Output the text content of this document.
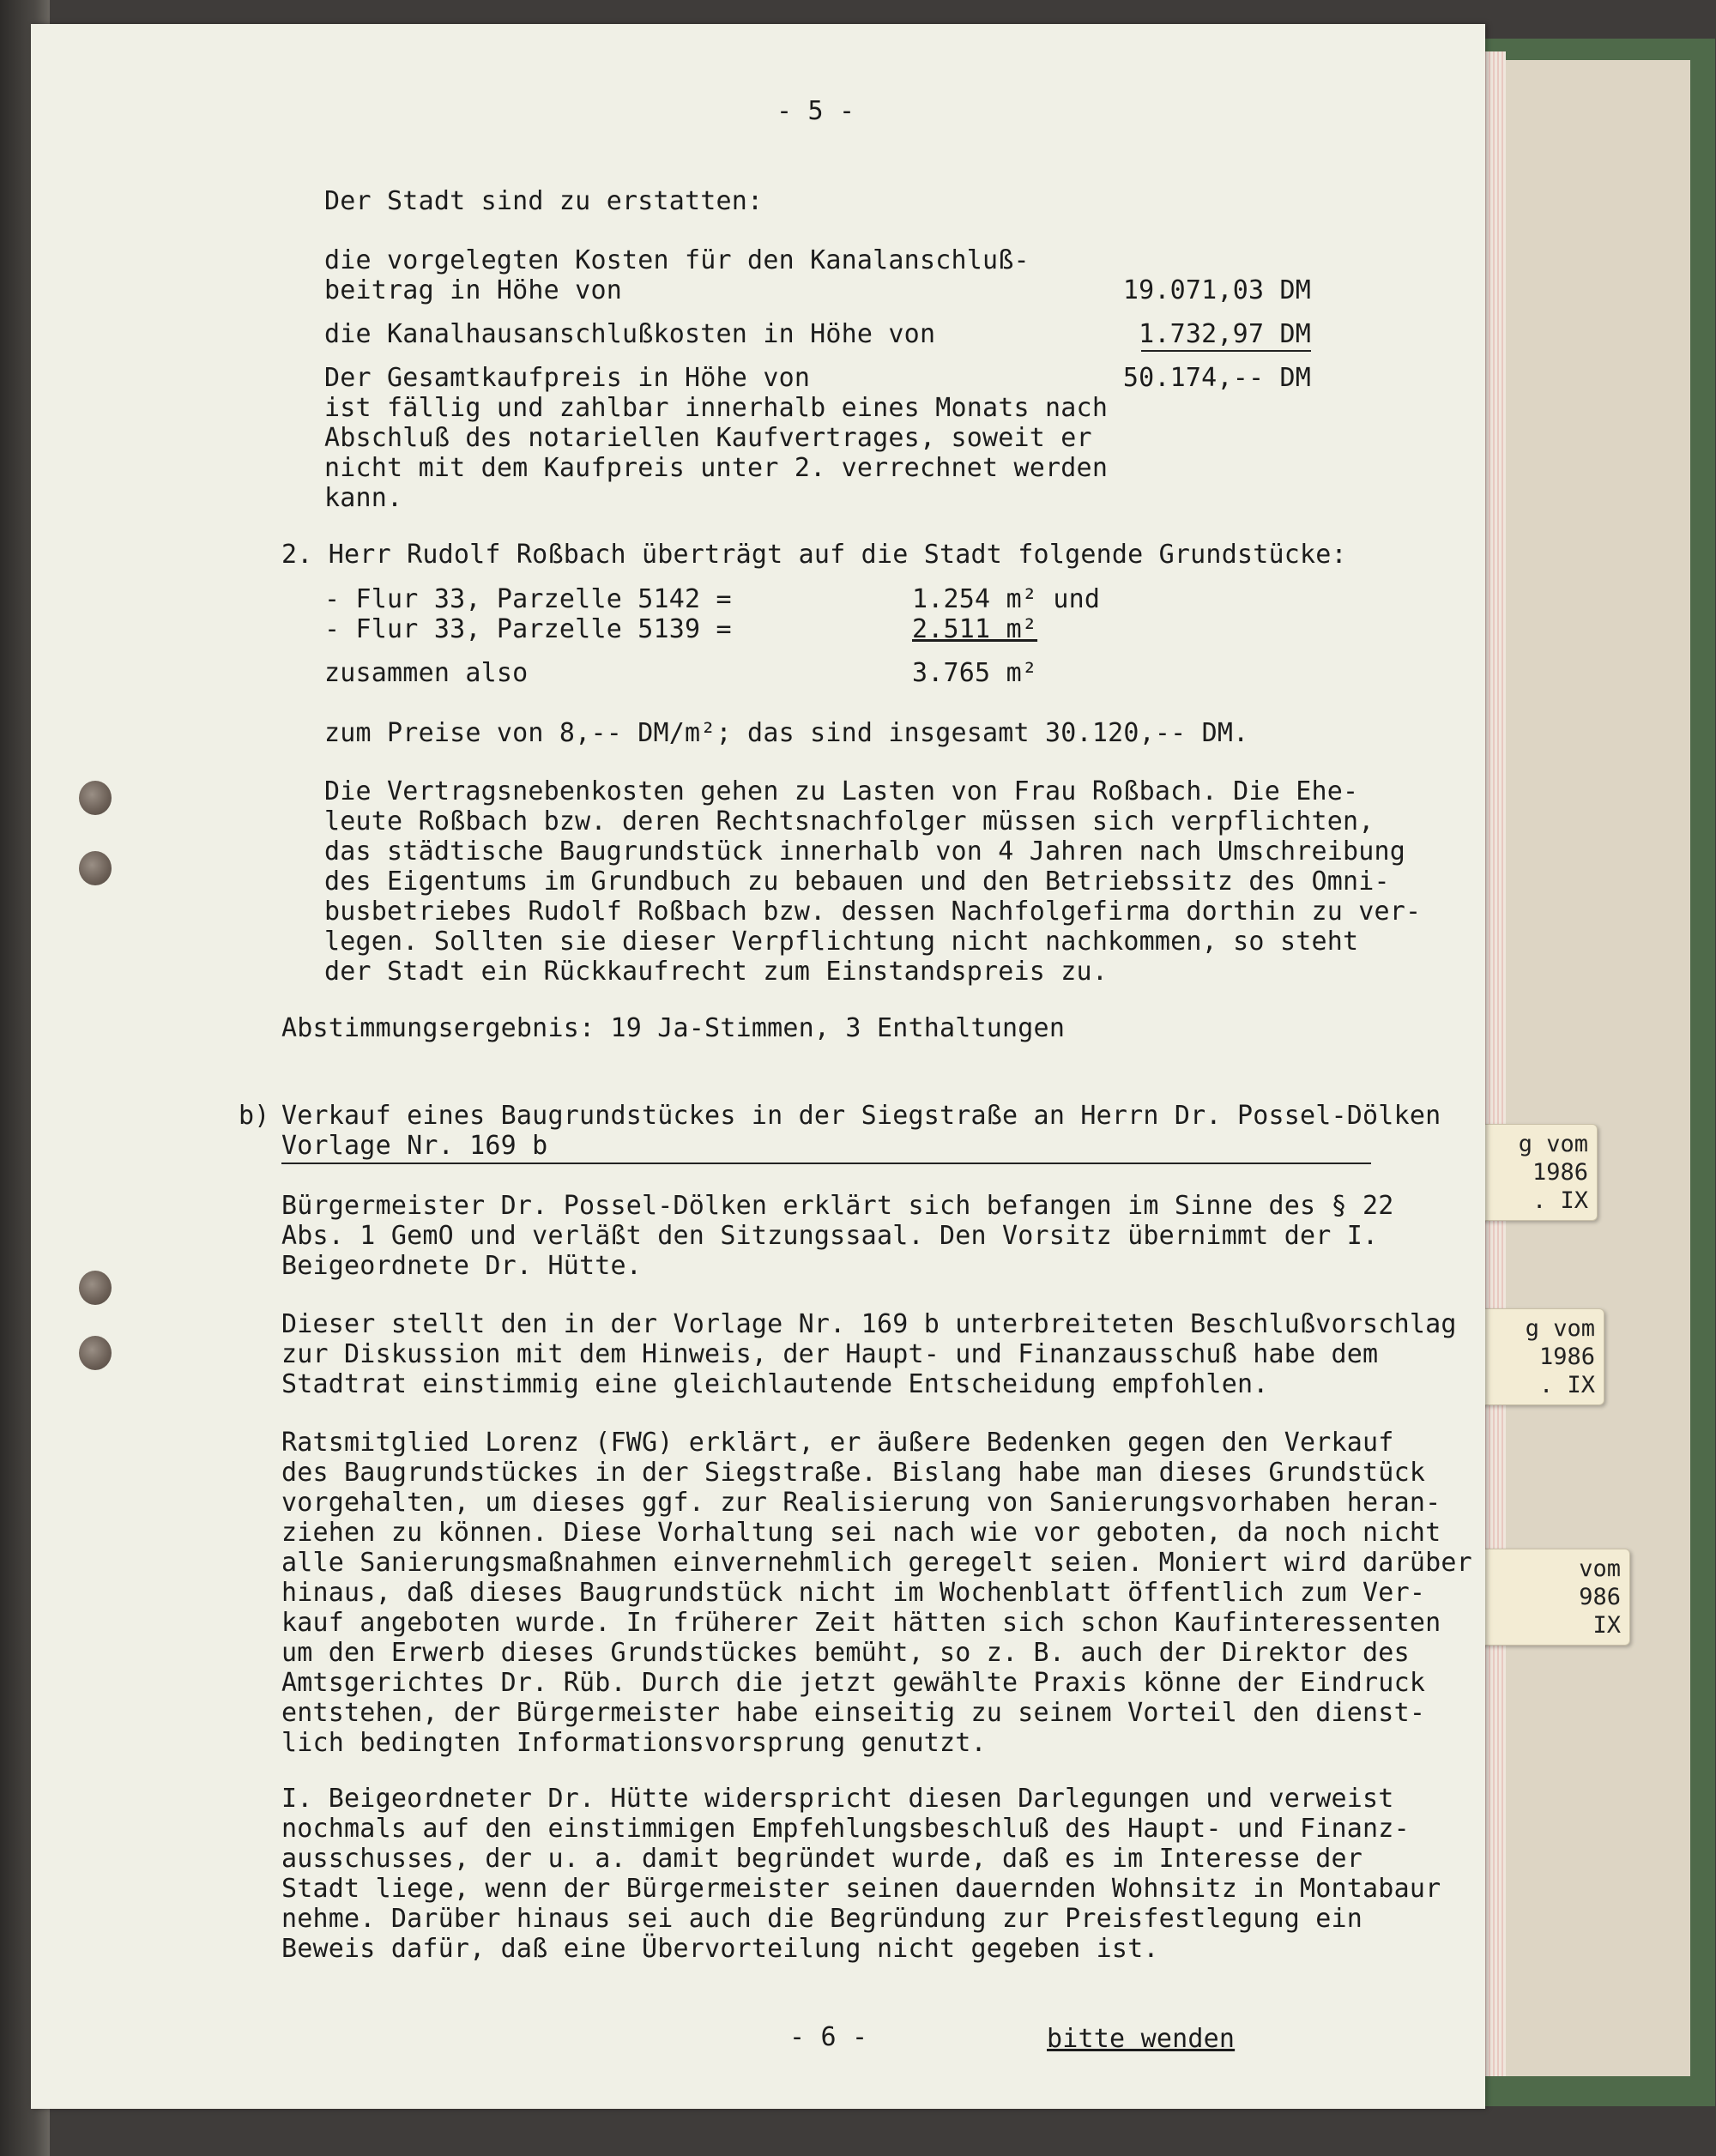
g vom
1986
. IX
g vom
1986
. IX
vom
986
IX
- 5 -
Der Stadt sind zu erstatten:
die vorgelegten Kosten für den Kanalanschluß-
beitrag in Höhe von	19.071,03 DM
die Kanalhausanschlußkosten in Höhe von	1.732,97 DM
Der Gesamtkaufpreis in Höhe von	50.174,-- DM
ist fällig und zahlbar innerhalb eines Monats nach
Abschluß des notariellen Kaufvertrages, soweit er
nicht mit dem Kaufpreis unter 2. verrechnet werden
kann.
2. Herr Rudolf Roßbach überträgt auf die Stadt folgende Grundstücke:
- Flur 33, Parzelle 5142 =	1.254 m² und
- Flur 33, Parzelle 5139 =	2.511 m²
zusammen also	3.765 m²
zum Preise von 8,-- DM/m²; das sind insgesamt 30.120,-- DM.
Die Vertragsnebenkosten gehen zu Lasten von Frau Roßbach. Die Ehe-
leute Roßbach bzw. deren Rechtsnachfolger müssen sich verpflichten,
das städtische Baugrundstück innerhalb von 4 Jahren nach Umschreibung
des Eigentums im Grundbuch zu bebauen und den Betriebssitz des Omni-
busbetriebes Rudolf Roßbach bzw. dessen Nachfolgefirma dorthin zu ver-
legen. Sollten sie dieser Verpflichtung nicht nachkommen, so steht
der Stadt ein Rückkaufrecht zum Einstandspreis zu.
Abstimmungsergebnis: 19 Ja-Stimmen, 3 Enthaltungen
b) Verkauf eines Baugrundstückes in der Siegstraße an Herrn Dr. Possel-Dölken
Vorlage Nr. 169 b
Bürgermeister Dr. Possel-Dölken erklärt sich befangen im Sinne des § 22
Abs. 1 GemO und verläßt den Sitzungssaal. Den Vorsitz übernimmt der I.
Beigeordnete Dr. Hütte.
Dieser stellt den in der Vorlage Nr. 169 b unterbreiteten Beschlußvorschlag
zur Diskussion mit dem Hinweis, der Haupt- und Finanzausschuß habe dem
Stadtrat einstimmig eine gleichlautende Entscheidung empfohlen.
Ratsmitglied Lorenz (FWG) erklärt, er äußere Bedenken gegen den Verkauf
des Baugrundstückes in der Siegstraße. Bislang habe man dieses Grundstück
vorgehalten, um dieses ggf. zur Realisierung von Sanierungsvorhaben heran-
ziehen zu können. Diese Vorhaltung sei nach wie vor geboten, da noch nicht
alle Sanierungsmaßnahmen einvernehmlich geregelt seien. Moniert wird darüber
hinaus, daß dieses Baugrundstück nicht im Wochenblatt öffentlich zum Ver-
kauf angeboten wurde. In früherer Zeit hätten sich schon Kaufinteressenten
um den Erwerb dieses Grundstückes bemüht, so z. B. auch der Direktor des
Amtsgerichtes Dr. Rüb. Durch die jetzt gewählte Praxis könne der Eindruck
entstehen, der Bürgermeister habe einseitig zu seinem Vorteil den dienst-
lich bedingten Informationsvorsprung genutzt.
I. Beigeordneter Dr. Hütte widerspricht diesen Darlegungen und verweist
nochmals auf den einstimmigen Empfehlungsbeschluß des Haupt- und Finanz-
ausschusses, der u. a. damit begründet wurde, daß es im Interesse der
Stadt liege, wenn der Bürgermeister seinen dauernden Wohnsitz in Montabaur
nehme. Darüber hinaus sei auch die Begründung zur Preisfestlegung ein
Beweis dafür, daß eine Übervorteilung nicht gegeben ist.
- 6 -	bitte wenden
